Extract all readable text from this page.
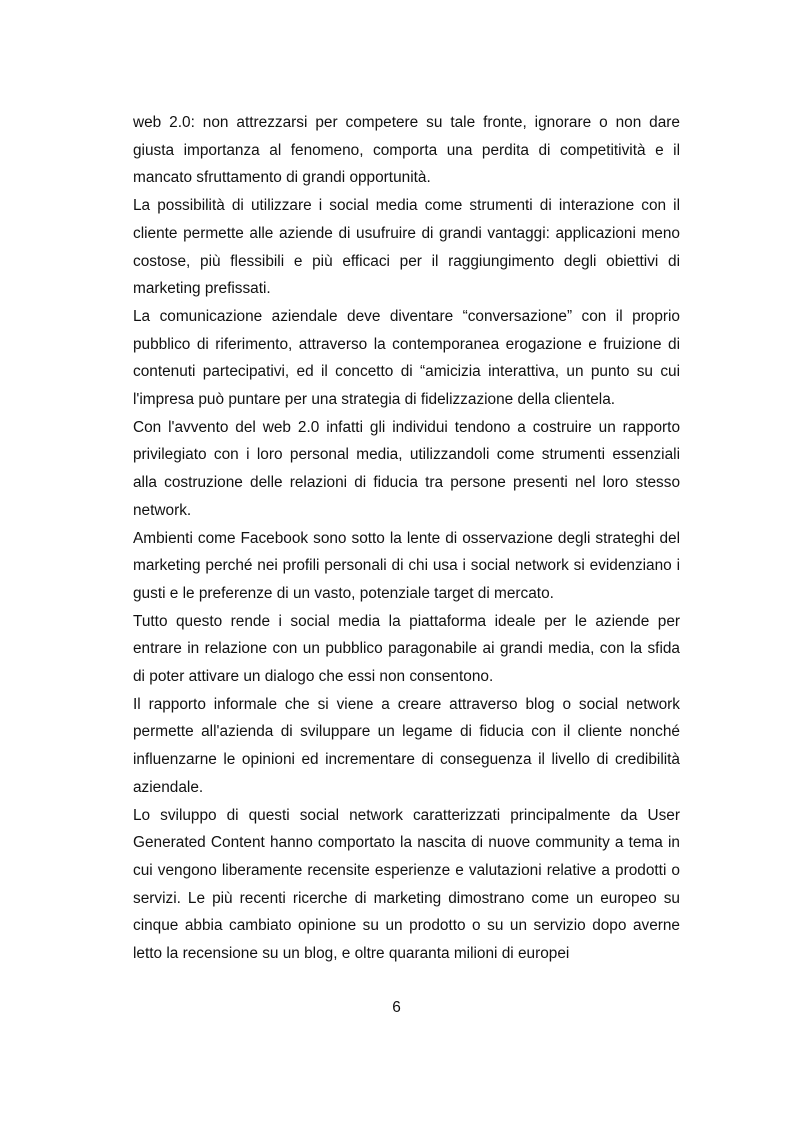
web 2.0: non attrezzarsi per competere su tale fronte, ignorare o non dare giusta importanza al fenomeno, comporta una perdita di competitività e il mancato sfruttamento di grandi opportunità.

La possibilità di utilizzare i social media come strumenti di interazione con il cliente permette alle aziende di usufruire di grandi vantaggi: applicazioni meno costose, più flessibili e più efficaci per il raggiungimento degli obiettivi di marketing prefissati.

La comunicazione aziendale deve diventare “conversazione” con il proprio pubblico di riferimento, attraverso la contemporanea erogazione e fruizione di contenuti partecipativi, ed il concetto di “amicizia interattiva, un punto su cui l'impresa può puntare per una strategia di fidelizzazione della clientela.

Con l'avvento del web 2.0 infatti gli individui tendono a costruire un rapporto privilegiato con i loro personal media, utilizzandoli come strumenti essenziali alla costruzione delle relazioni di fiducia tra persone presenti nel loro stesso network.

Ambienti come Facebook sono sotto la lente di osservazione degli strateghi del marketing perché nei profili personali di chi usa i social network si evidenziano i gusti e le preferenze di un vasto, potenziale target di mercato.

Tutto questo rende i social media la piattaforma ideale per le aziende per entrare in relazione con un pubblico paragonabile ai grandi media, con la sfida di poter attivare un dialogo che essi non consentono.

Il rapporto informale che si viene a creare attraverso blog o social network permette all'azienda di sviluppare un legame di fiducia con il cliente nonché influenzarne le opinioni ed incrementare di conseguenza il livello di credibilità aziendale.

Lo sviluppo di questi social network caratterizzati principalmente da User Generated Content hanno comportato la nascita di nuove community a tema in cui vengono liberamente recensite esperienze e valutazioni relative a prodotti o servizi. Le più recenti ricerche di marketing dimostrano come un europeo su cinque abbia cambiato opinione su un prodotto o su un servizio dopo averne letto la recensione su un blog, e oltre quaranta milioni di europei

6
